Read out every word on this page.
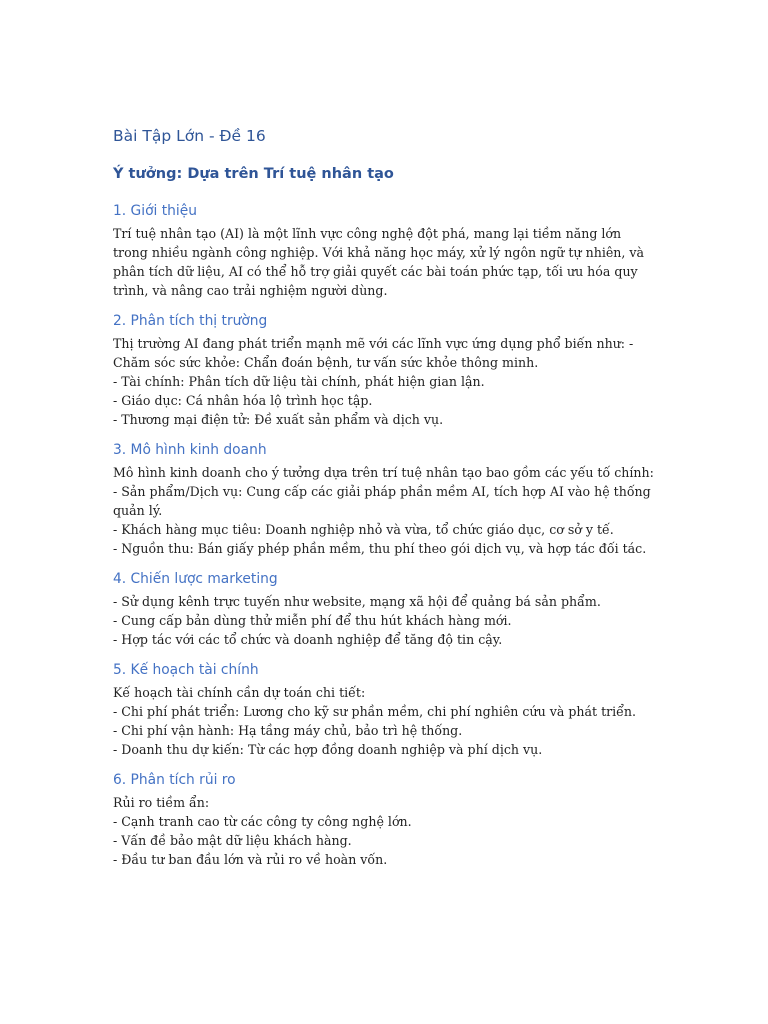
Bài Tập Lớn - Đề 16
Ý tưởng: Dựa trên Trí tuệ nhân tạo
1. Giới thiệu

Trí tuệ nhân tạo (AI) là một lĩnh vực công nghệ đột phá, mang lại tiềm năng lớn trong nhiều ngành công nghiệp. Với khả năng học máy, xử lý ngôn ngữ tự nhiên, và phân tích dữ liệu, AI có thể hỗ trợ giải quyết các bài toán phức tạp, tối ưu hóa quy trình, và nâng cao trải nghiệm người dùng.

2. Phân tích thị trường

Thị trường AI đang phát triển mạnh mẽ với các lĩnh vực ứng dụng phổ biến như: - Chăm sóc sức khỏe: Chẩn đoán bệnh, tư vấn sức khỏe thông minh.

- Tài chính: Phân tích dữ liệu tài chính, phát hiện gian lận.

- Giáo dục: Cá nhân hóa lộ trình học tập.

- Thương mại điện tử: Đề xuất sản phẩm và dịch vụ.

3. Mô hình kinh doanh

Mô hình kinh doanh cho ý tưởng dựa trên trí tuệ nhân tạo bao gồm các yếu tố chính:

- Sản phẩm/Dịch vụ: Cung cấp các giải pháp phần mềm AI, tích hợp AI vào hệ thống quản lý.

- Khách hàng mục tiêu: Doanh nghiệp nhỏ và vừa, tổ chức giáo dục, cơ sở y tế.

- Nguồn thu: Bán giấy phép phần mềm, thu phí theo gói dịch vụ, và hợp tác đối tác.

4. Chiến lược marketing

- Sử dụng kênh trực tuyến như website, mạng xã hội để quảng bá sản phẩm.

- Cung cấp bản dùng thử miễn phí để thu hút khách hàng mới.

- Hợp tác với các tổ chức và doanh nghiệp để tăng độ tin cậy.

5. Kế hoạch tài chính

Kế hoạch tài chính cần dự toán chi tiết:

- Chi phí phát triển: Lương cho kỹ sư phần mềm, chi phí nghiên cứu và phát triển.

- Chi phí vận hành: Hạ tầng máy chủ, bảo trì hệ thống.

- Doanh thu dự kiến: Từ các hợp đồng doanh nghiệp và phí dịch vụ.

6. Phân tích rủi ro

Rủi ro tiềm ẩn:

- Cạnh tranh cao từ các công ty công nghệ lớn.

- Vấn đề bảo mật dữ liệu khách hàng.

- Đầu tư ban đầu lớn và rủi ro về hoàn vốn.
